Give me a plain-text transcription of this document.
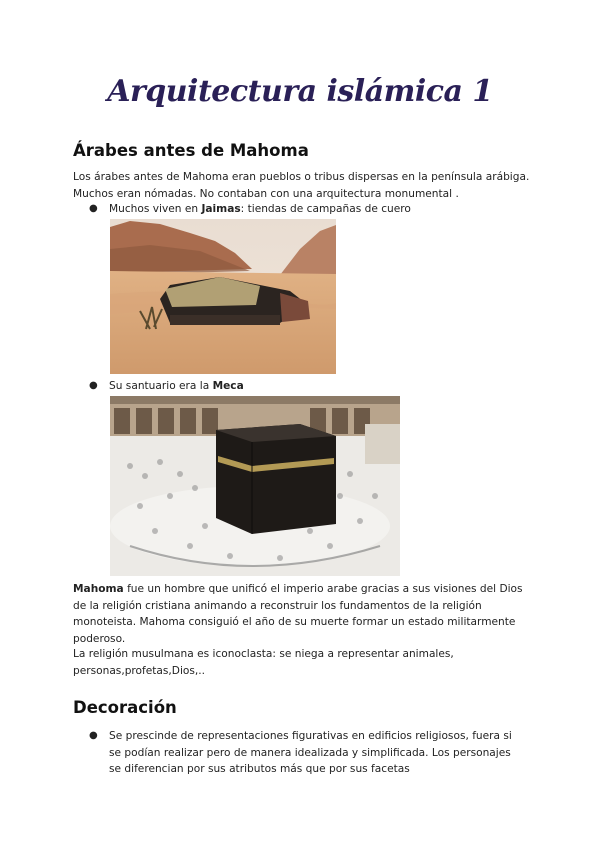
Arquitectura islámica 1
Árabes antes de Mahoma
Los árabes antes de Mahoma eran pueblos o tribus dispersas en la península arábiga. Muchos eran nómadas. No contaban con una arquitectura monumental .
● Muchos viven en Jaimas: tiendas de campañas de cuero
● Su santuario era la Meca
Mahoma fue un hombre que unificó el imperio arabe gracias a sus visiones del Dios de la religión cristiana animando a reconstruir los fundamentos de la religión monoteista. Mahoma consiguió el año de su muerte formar un estado militarmente poderoso.
La religión musulmana es iconoclasta: se niega a representar animales, personas,profetas,Dios,..
Decoración
● Se prescinde de representaciones figurativas en edificios religiosos, fuera si se podían realizar pero de manera idealizada y simplificada. Los personajes se diferencian por sus atributos más que por sus facetas
